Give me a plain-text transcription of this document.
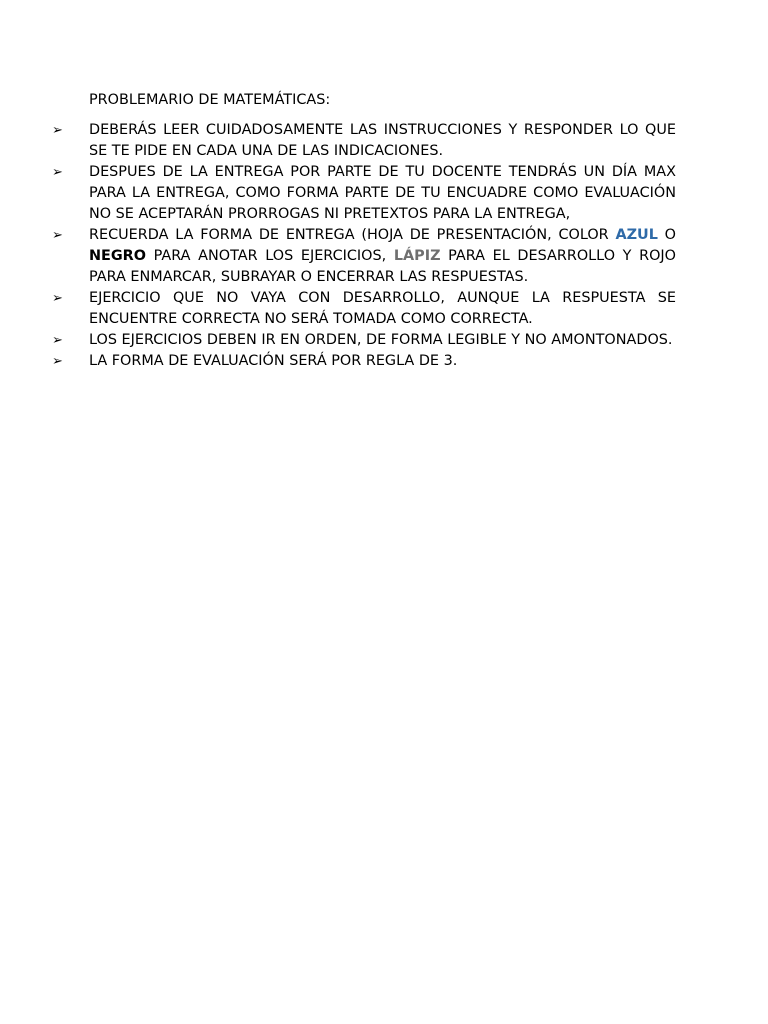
PROBLEMARIO DE MATEMÁTICAS:
➢ DEBERÁS LEER CUIDADOSAMENTE LAS INSTRUCCIONES Y RESPONDER LO QUE SE TE PIDE EN CADA UNA DE LAS INDICACIONES.
➢ DESPUES DE LA ENTREGA POR PARTE DE TU DOCENTE TENDRÁS UN DÍA MAX PARA LA ENTREGA, COMO FORMA PARTE DE TU ENCUADRE COMO EVALUACIÓN NO SE ACEPTARÁN PRORROGAS NI PRETEXTOS PARA LA ENTREGA,
➢ RECUERDA LA FORMA DE ENTREGA (HOJA DE PRESENTACIÓN, COLOR AZUL O NEGRO PARA ANOTAR LOS EJERCICIOS, LÁPIZ PARA EL DESARROLLO Y ROJO PARA ENMARCAR, SUBRAYAR O ENCERRAR LAS RESPUESTAS.
➢ EJERCICIO QUE NO VAYA CON DESARROLLO, AUNQUE LA RESPUESTA SE ENCUENTRE CORRECTA NO SERÁ TOMADA COMO CORRECTA.
➢ LOS EJERCICIOS DEBEN IR EN ORDEN, DE FORMA LEGIBLE Y NO AMONTONADOS.
➢ LA FORMA DE EVALUACIÓN SERÁ POR REGLA DE 3.
